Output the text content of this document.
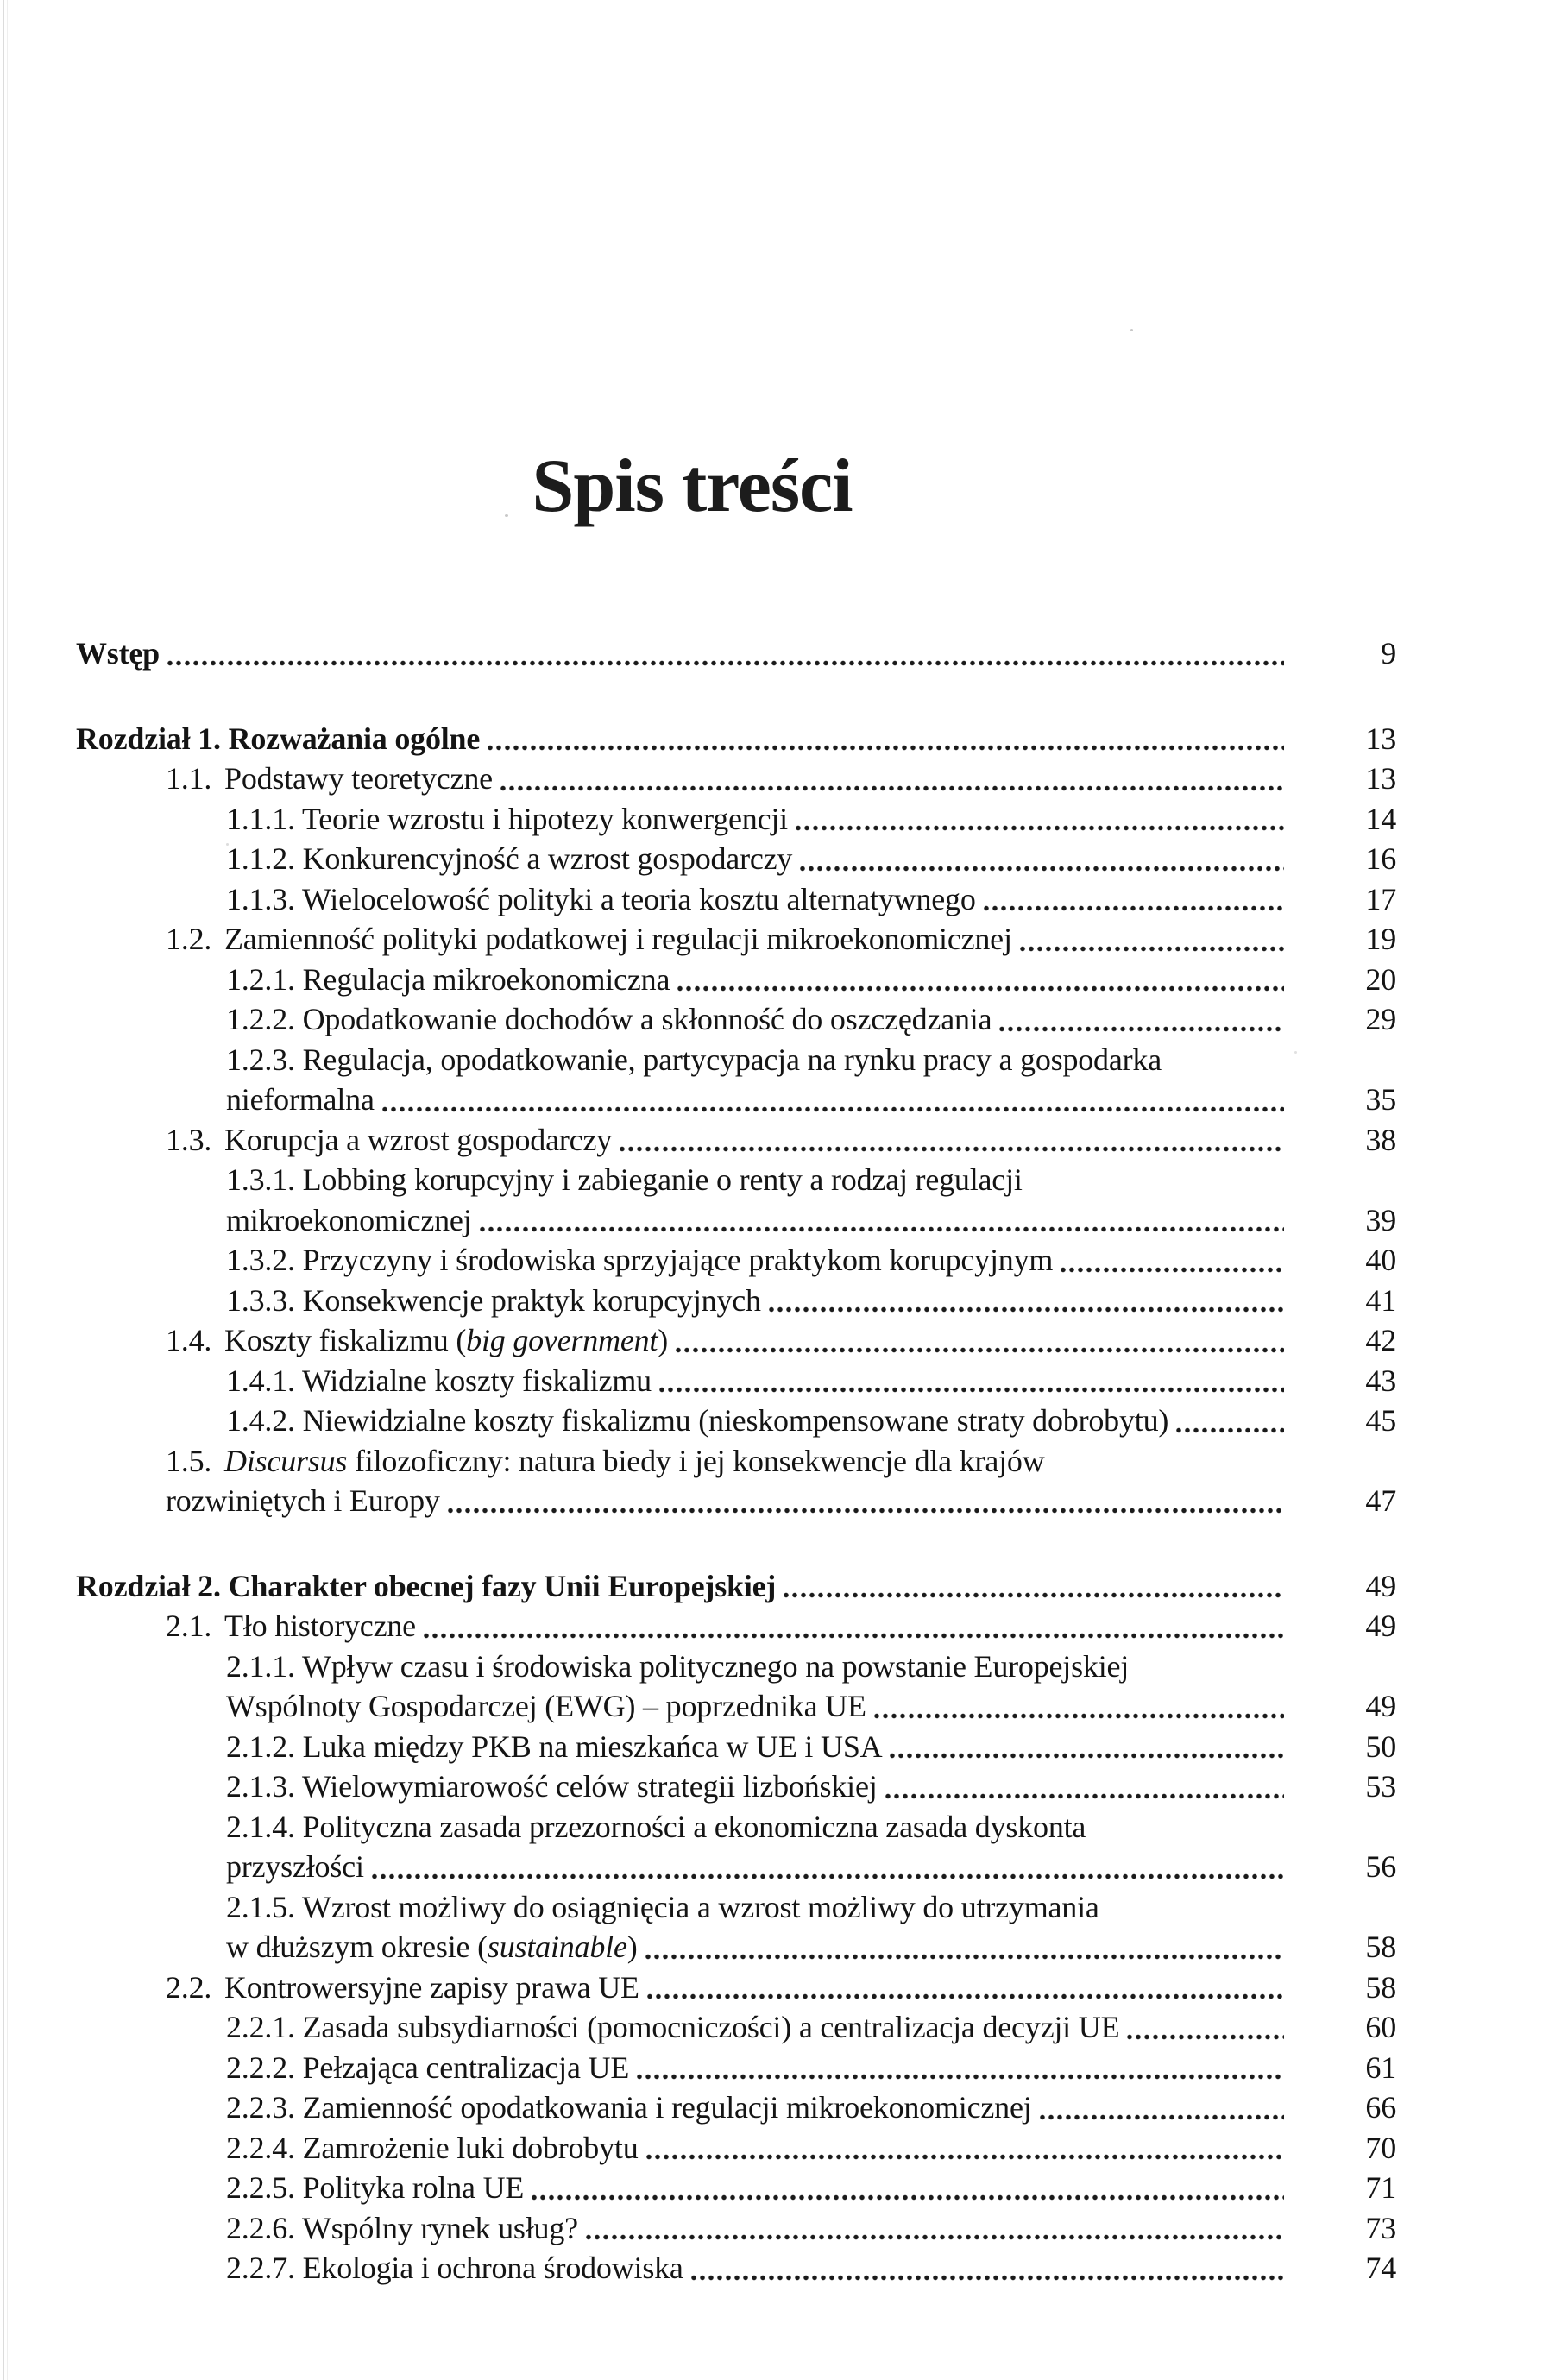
Spis treści
Wstęp	9
Rozdział 1. Rozważania ogólne	13
1.1. Podstawy teoretyczne	13
1.1.1. Teorie wzrostu i hipotezy konwergencji	14
1.1.2. Konkurencyjność a wzrost gospodarczy	16
1.1.3. Wielocelowość polityki a teoria kosztu alternatywnego	17
1.2. Zamienność polityki podatkowej i regulacji mikroekonomicznej	19
1.2.1. Regulacja mikroekonomiczna	20
1.2.2. Opodatkowanie dochodów a skłonność do oszczędzania	29
1.2.3. Regulacja, opodatkowanie, partycypacja na rynku pracy a gospodarka
nieformalna	35
1.3. Korupcja a wzrost gospodarczy	38
1.3.1. Lobbing korupcyjny i zabieganie o renty a rodzaj regulacji
mikroekonomicznej	39
1.3.2. Przyczyny i środowiska sprzyjające praktykom korupcyjnym	40
1.3.3. Konsekwencje praktyk korupcyjnych	41
1.4. Koszty fiskalizmu (big government)	42
1.4.1. Widzialne koszty fiskalizmu	43
1.4.2. Niewidzialne koszty fiskalizmu (nieskompensowane straty dobrobytu)	45
1.5. Discursus filozoficzny: natura biedy i jej konsekwencje dla krajów
rozwiniętych i Europy	47
Rozdział 2. Charakter obecnej fazy Unii Europejskiej	49
2.1. Tło historyczne	49
2.1.1. Wpływ czasu i środowiska politycznego na powstanie Europejskiej
Wspólnoty Gospodarczej (EWG) – poprzednika UE	49
2.1.2. Luka między PKB na mieszkańca w UE i USA	50
2.1.3. Wielowymiarowość celów strategii lizbońskiej	53
2.1.4. Polityczna zasada przezorności a ekonomiczna zasada dyskonta
przyszłości	56
2.1.5. Wzrost możliwy do osiągnięcia a wzrost możliwy do utrzymania
w dłuższym okresie (sustainable)	58
2.2. Kontrowersyjne zapisy prawa UE	58
2.2.1. Zasada subsydiarności (pomocniczości) a centralizacja decyzji UE	60
2.2.2. Pełzająca centralizacja UE	61
2.2.3. Zamienność opodatkowania i regulacji mikroekonomicznej	66
2.2.4. Zamrożenie luki dobrobytu	70
2.2.5. Polityka rolna UE	71
2.2.6. Wspólny rynek usług?	73
2.2.7. Ekologia i ochrona środowiska	74
